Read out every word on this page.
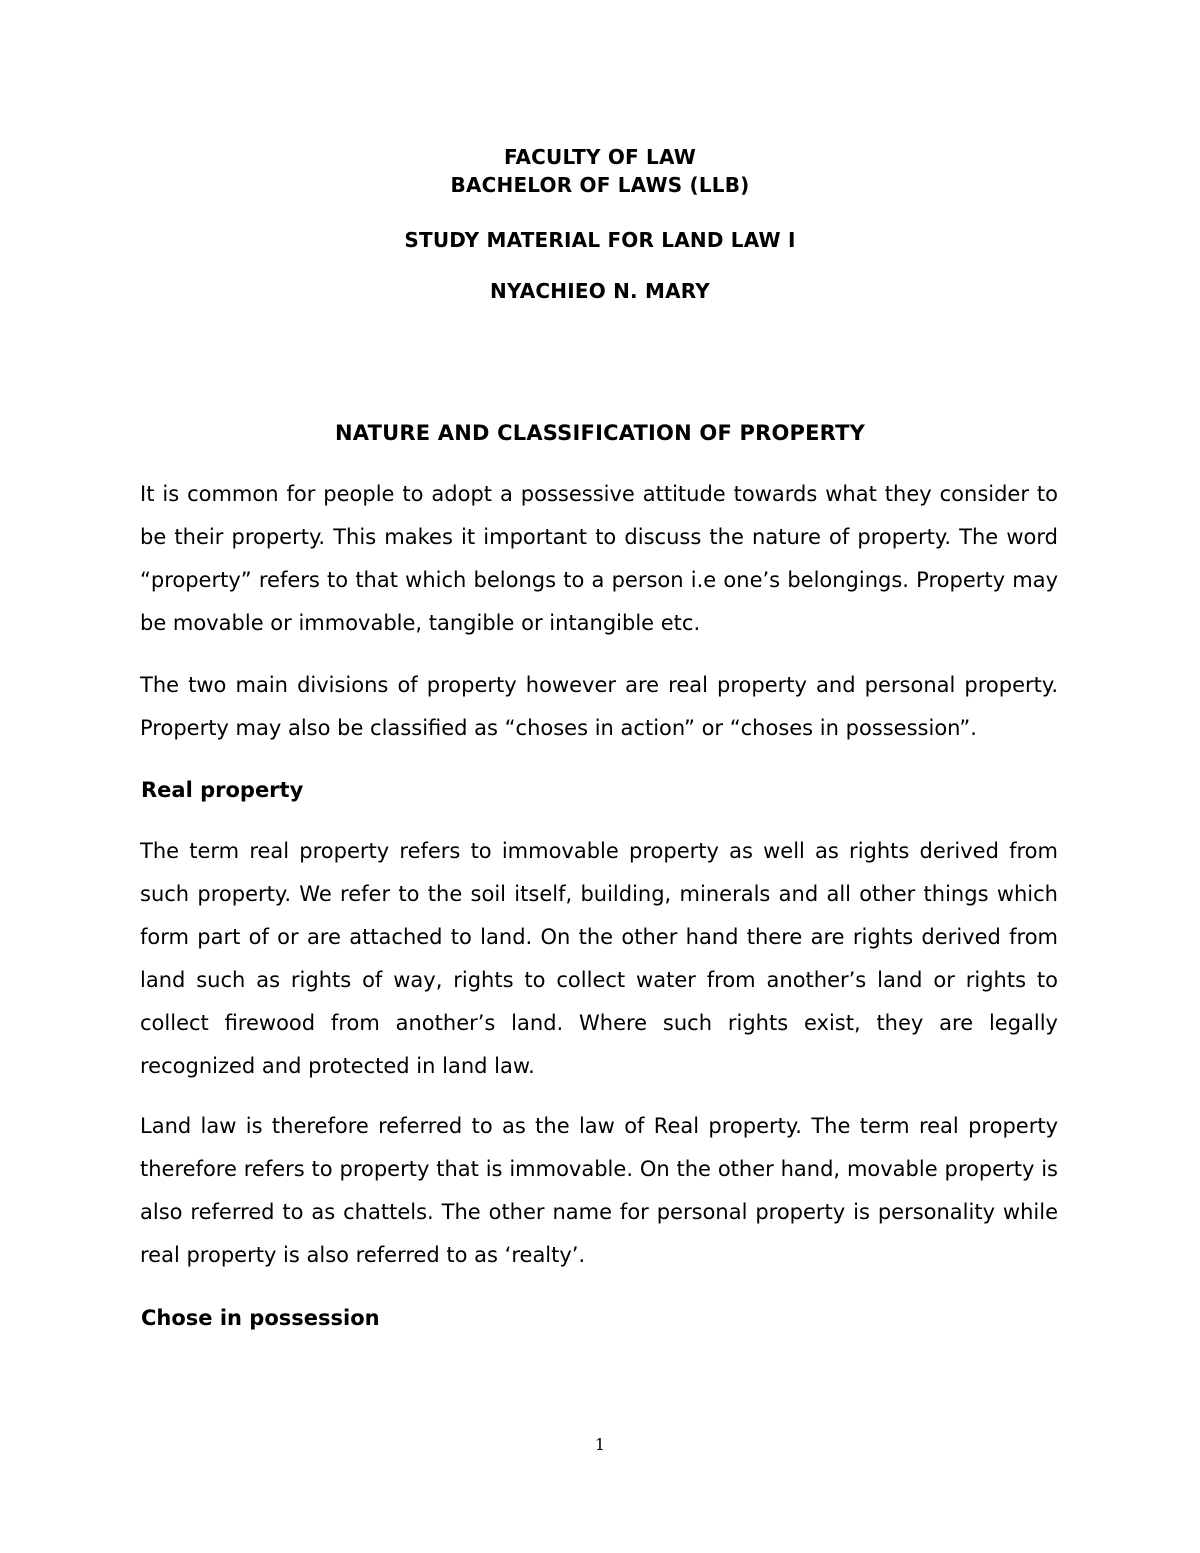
FACULTY OF LAW
BACHELOR OF LAWS (LLB)
STUDY MATERIAL FOR LAND LAW I
NYACHIEO N. MARY
NATURE AND CLASSIFICATION OF PROPERTY
It is common for people to adopt a possessive attitude towards what they consider to be their property. This makes it important to discuss the nature of property. The word “property” refers to that which belongs to a person i.e one’s belongings. Property may be movable or immovable, tangible or intangible etc.
The two main divisions of property however are real property and personal property. Property may also be classified as “choses in action” or “choses in possession”.
Real property
The term real property refers to immovable property as well as rights derived from such property. We refer to the soil itself, building, minerals and all other things which form part of or are attached to land. On the other hand there are rights derived from land such as rights of way, rights to collect water from another’s land or rights to collect firewood from another’s land. Where such rights exist, they are legally recognized and protected in land law.
Land law is therefore referred to as the law of Real property. The term real property therefore refers to property that is immovable. On the other hand, movable property is also referred to as chattels. The other name for personal property is personality while real property is also referred to as ‘realty’.
Chose in possession
1
